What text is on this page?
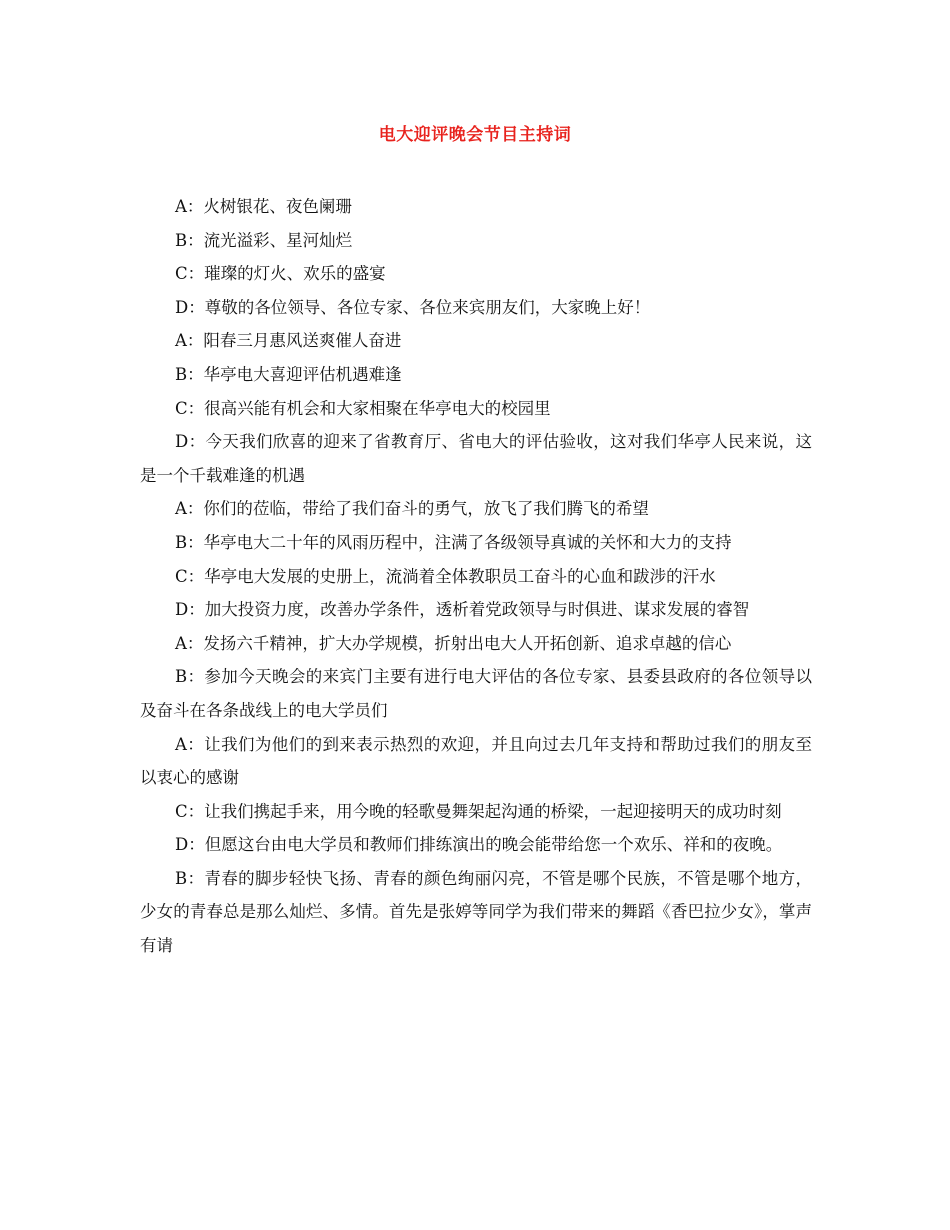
电大迎评晚会节目主持词

A：火树银花、夜色阑珊

B：流光溢彩、星河灿烂

C：璀璨的灯火、欢乐的盛宴

D：尊敬的各位领导、各位专家、各位来宾朋友们，大家晚上好！

A：阳春三月惠风送爽催人奋进

B：华亭电大喜迎评估机遇难逢

C：很高兴能有机会和大家相聚在华亭电大的校园里

D：今天我们欣喜的迎来了省教育厅、省电大的评估验收，这对我们华亭人民来说，这是一个千载难逢的机遇

A：你们的莅临，带给了我们奋斗的勇气，放飞了我们腾飞的希望

B：华亭电大二十年的风雨历程中，注满了各级领导真诚的关怀和大力的支持

C：华亭电大发展的史册上，流淌着全体教职员工奋斗的心血和跋涉的汗水

D：加大投资力度，改善办学条件，透析着党政领导与时俱进、谋求发展的睿智

A：发扬六千精神，扩大办学规模，折射出电大人开拓创新、追求卓越的信心

B：参加今天晚会的来宾门主要有进行电大评估的各位专家、县委县政府的各位领导以及奋斗在各条战线上的电大学员们

A：让我们为他们的到来表示热烈的欢迎，并且向过去几年支持和帮助过我们的朋友至以衷心的感谢

C：让我们携起手来，用今晚的轻歌曼舞架起沟通的桥梁，一起迎接明天的成功时刻

D：但愿这台由电大学员和教师们排练演出的晚会能带给您一个欢乐、祥和的夜晚。

B：青春的脚步轻快飞扬、青春的颜色绚丽闪亮，不管是哪个民族，不管是哪个地方，少女的青春总是那么灿烂、多情。首先是张婷等同学为我们带来的舞蹈《香巴拉少女》，掌声有请
